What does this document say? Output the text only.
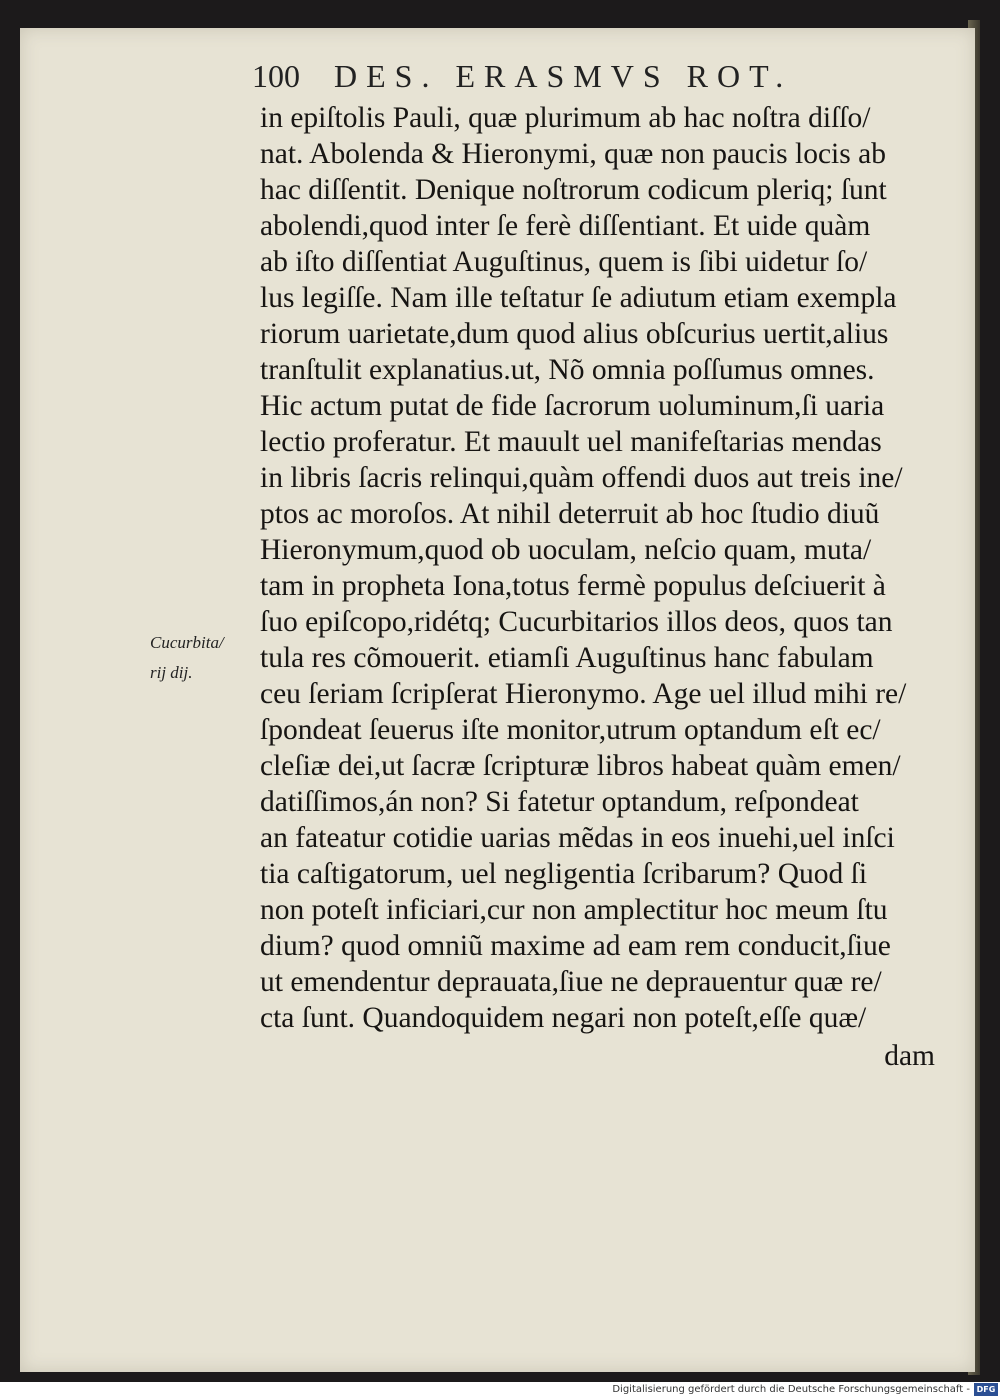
100 DES. ERASMVS ROT.
Cucurbita/
rij dij.
in epiſtolis Pauli, quæ plurimum ab hac noſtra diſſo/
nat. Abolenda & Hieronymi, quæ non paucis locis ab
hac diſſentit. Denique noſtrorum codicum pleriq; ſunt
abolendi,quod inter ſe ferè diſſentiant. Et uide quàm
ab iſto diſſentiat Auguſtinus, quem is ſibi uidetur ſo/
lus legiſſe. Nam ille teſtatur ſe adiutum etiam exempla
riorum uarietate,dum quod alius obſcurius uertit,alius
tranſtulit explanatius.ut, Nõ omnia poſſumus omnes.
Hic actum putat de fide ſacrorum uoluminum,ſi uaria
lectio proferatur. Et mauult uel manifeſtarias mendas
in libris ſacris relinqui,quàm offendi duos aut treis ine/
ptos ac moroſos. At nihil deterruit ab hoc ſtudio diuũ
Hieronymum,quod ob uoculam, neſcio quam, muta/
tam in propheta Iona,totus fermè populus deſciuerit à
ſuo epiſcopo,ridétq; Cucurbitarios illos deos, quos tan
tula res cõmouerit. etiamſi Auguſtinus hanc fabulam
ceu ſeriam ſcripſerat Hieronymo. Age uel illud mihi re/
ſpondeat ſeuerus iſte monitor,utrum optandum eſt ec/
cleſiæ dei,ut ſacræ ſcripturæ libros habeat quàm emen/
datiſſimos,án non? Si fatetur optandum, reſpondeat
an fateatur cotidie uarias mẽdas in eos inuehi,uel inſci
tia caſtigatorum, uel negligentia ſcribarum? Quod ſi
non poteſt inficiari,cur non amplectitur hoc meum ſtu
dium? quod omniũ maxime ad eam rem conducit,ſiue
ut emendentur deprauata,ſiue ne deprauentur quæ re/
cta ſunt. Quandoquidem negari non poteſt,eſſe quæ/
dam
Digitalisierung gefördert durch die Deutsche Forschungsgemeinschaft - DFG
